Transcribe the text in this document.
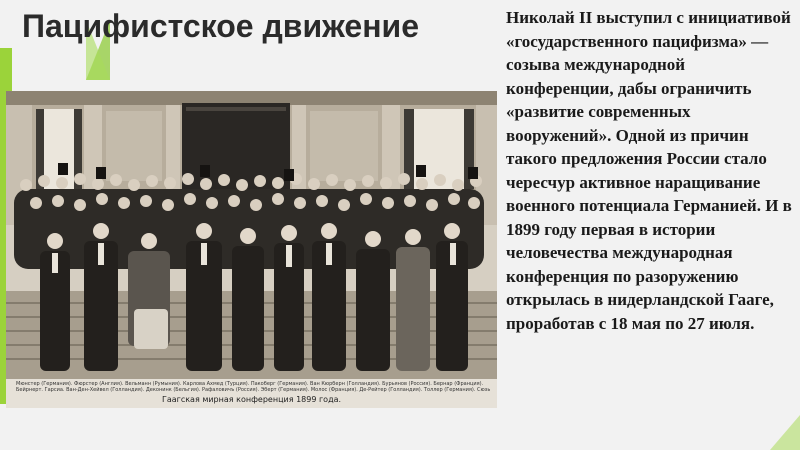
Пацифистское движение	Николай II выступил с инициативой «государственного пацифизма» — созыва международной конференции, дабы ограничить «развитие современных вооружений». Одной из причин такого предложения России стало чересчур активное наращивание военного потенциала Германией. И в 1899 году первая в истории человечества международная конференция по разоружению открылась в нидерландской Гааге, проработав с 18 мая по 27 июля.
Мюнстер (Германия). Фюрстер (Англия). Вельманн (Румыния). Карлова Ахмед (Турция). Пакоберг (Германия). Ван Кюрберн (Голландия). Бурьянов (Россия). Бернар (Франция). Бейрнерт. Гарсиа. Ван-Ден-Хейвел (Голландия). Деконинк (Бельгия). Рафаловичъ (Россия). Эберт (Германия). Молос (Франция). Де-Рейтер (Голландия). Толлер (Германия). Сюзь
Гаагская мирная конференция 1899 года.
